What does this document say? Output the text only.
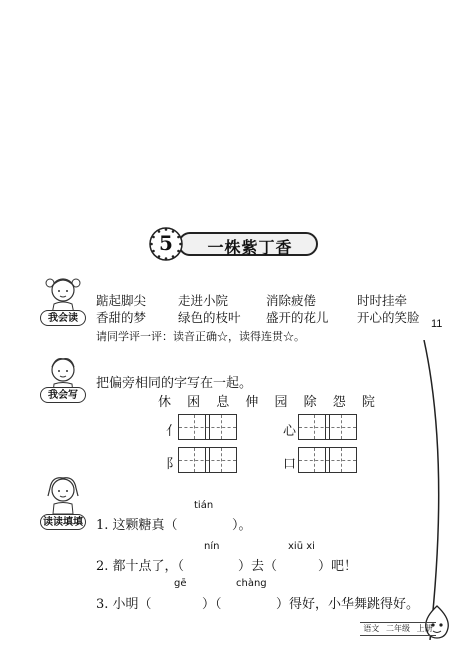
一株紫丁香
5
我会读
踮起脚尖	走进小院	消除疲倦	时时挂牵
香甜的梦	绿色的枝叶 盛开的花儿 开心的笑脸
请同学评一评：读音正确☆，读得连贯☆。
11
我会写
把偏旁相同的字写在一起。
休 困 息 伸 园 除 怨 院
亻	心
阝	口
读读填填
tián
1. 这颗糖真（	）。
nín	xiū xi
2. 都十点了，（	）去（	）吧！
gē	chàng
3. 小明（	）（	）得好，小华舞跳得好。
语文 二年级 上册
